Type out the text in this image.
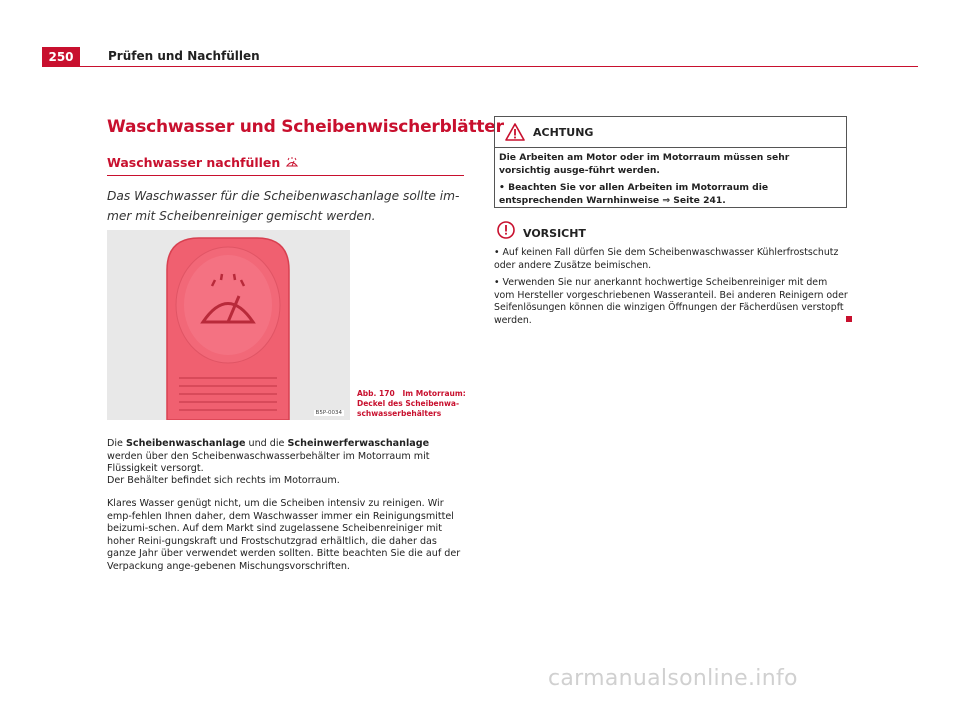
250	Prüfen und Nachfüllen
Waschwasser und Scheibenwischerblätter
Waschwasser nachfüllen

Das Waschwasser für die Scheibenwaschanlage sollte im-mer mit Scheibenreiniger gemischt werden.

B5P-0034
Abb. 170 Im Motorraum: Deckel des Scheibenwa-schwasserbehälters

Die Scheibenwaschanlage und die Scheinwerferwaschanlage werden über den Scheibenwaschwasserbehälter im Motorraum mit Flüssigkeit versorgt.

Der Behälter befindet sich rechts im Motorraum.

Klares Wasser genügt nicht, um die Scheiben intensiv zu reinigen. Wir emp-fehlen Ihnen daher, dem Waschwasser immer ein Reinigungsmittel beizumi-schen. Auf dem Markt sind zugelassene Scheibenreiniger mit hoher Reini-gungskraft und Frostschutzgrad erhältlich, die daher das ganze Jahr über verwendet werden sollten. Bitte beachten Sie die auf der Verpackung ange-gebenen Mischungsvorschriften.

ACHTUNG

Die Arbeiten am Motor oder im Motorraum müssen sehr vorsichtig ausge-führt werden.

• Beachten Sie vor allen Arbeiten im Motorraum die entsprechenden Warnhinweise ⇒ Seite 241.

VORSICHT

• Auf keinen Fall dürfen Sie dem Scheibenwaschwasser Kühlerfrostschutz oder andere Zusätze beimischen.

• Verwenden Sie nur anerkannt hochwertige Scheibenreiniger mit dem vom Hersteller vorgeschriebenen Wasseranteil. Bei anderen Reinigern oder Seifenlösungen können die winzigen Öffnungen der Fächerdüsen verstopft werden.

carmanualsonline.info
